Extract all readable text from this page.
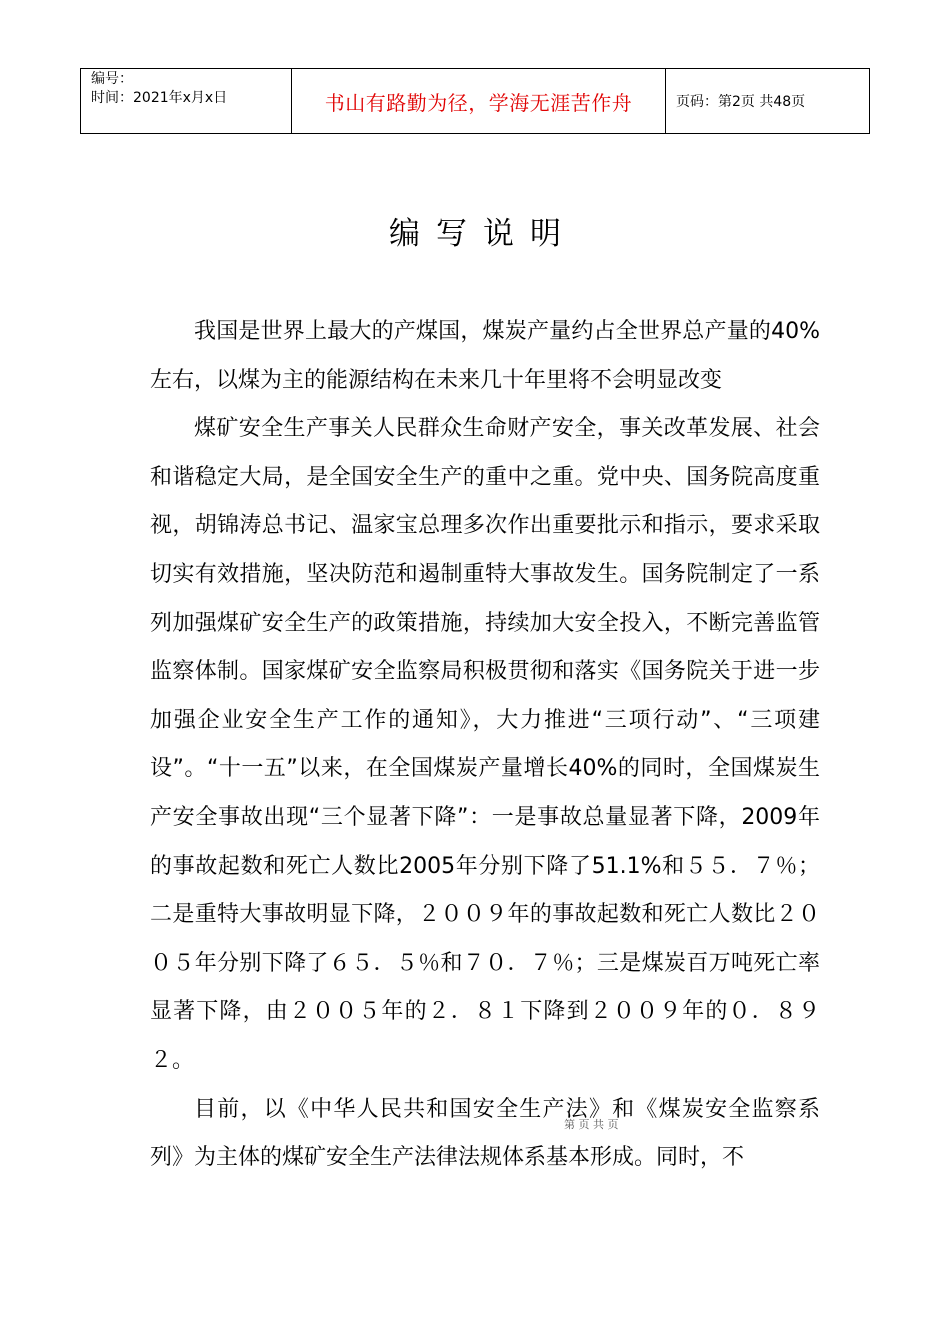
编号：
时间：2021年x月x日	书山有路勤为径，学海无涯苦作舟	页码：第2页 共48页
编写说明

我国是世界上最大的产煤国，煤炭产量约占全世界总产量的40%左右，以煤为主的能源结构在未来几十年里将不会明显改变

煤矿安全生产事关人民群众生命财产安全，事关改革发展、社会和谐稳定大局，是全国安全生产的重中之重。党中央、国务院高度重视，胡锦涛总书记、温家宝总理多次作出重要批示和指示，要求采取切实有效措施，坚决防范和遏制重特大事故发生。国务院制定了一系列加强煤矿安全生产的政策措施，持续加大安全投入，不断完善监管监察体制。国家煤矿安全监察局积极贯彻和落实《国务院关于进一步加强企业安全生产工作的通知》，大力推进“三项行动”、“三项建设”。“十一五”以来，在全国煤炭产量增长40%的同时，全国煤炭生产安全事故出现“三个显著下降”：一是事故总量显著下降，2009年的事故起数和死亡人数比2005年分别下降了51.1%和５５．７％；二是重特大事故明显下降，２００９年的事故起数和死亡人数比２００５年分别下降了６５．５％和７０．７％；三是煤炭百万吨死亡率显著下降，由２００５年的２．８１下降到２００９年的０．８９２。

目前，以《中华人民共和国安全生产法》和《煤炭安全监察系列》为主体的煤矿安全生产法律法规体系基本形成。同时，不

第 页 共 页
